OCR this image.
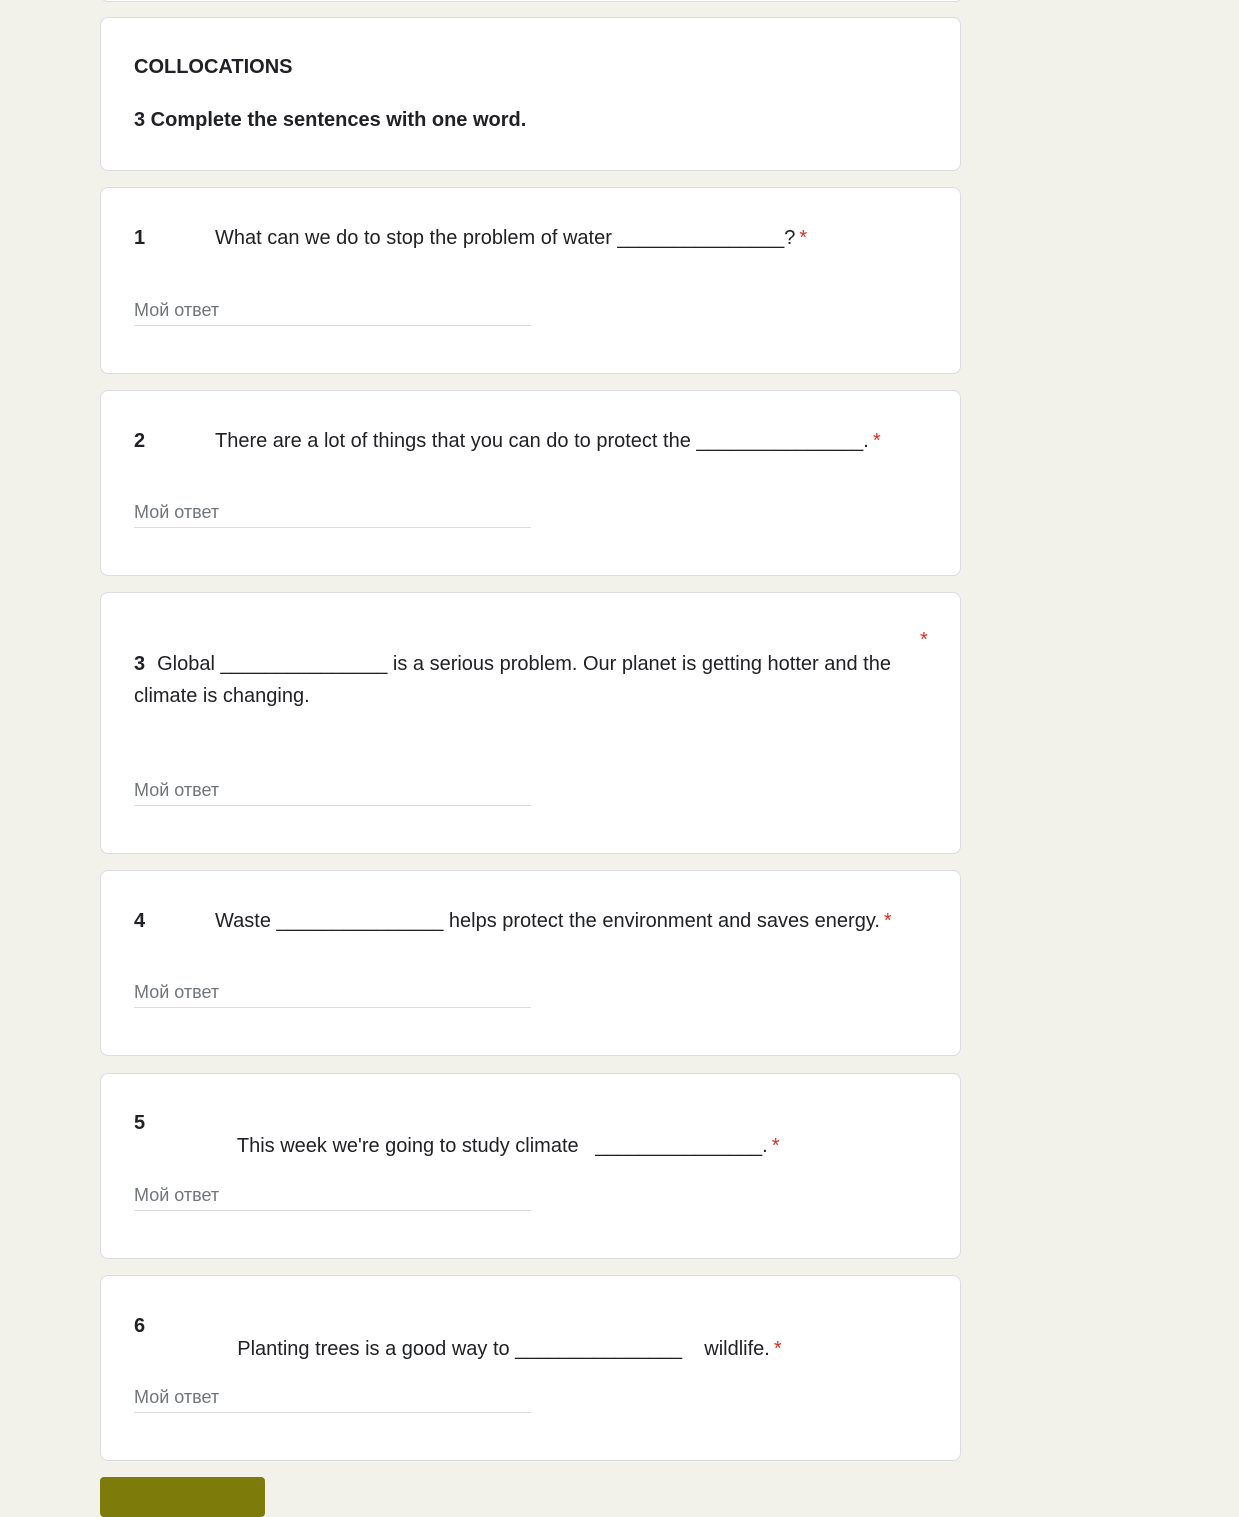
COLLOCATIONS
3 Complete the sentences with one word.
1	What can we do to stop the problem of water _______________? *
Мой ответ
2	There are a lot of things that you can do to protect the _______________. *
Мой ответ
3 Global _______________ is a serious problem. Our planet is getting hotter and the climate is changing.
*
Мой ответ
4	Waste _______________ helps protect the environment and saves energy. *
Мой ответ
5

This week we're going to study climate   _______________. *

Мой ответ
6

Planting trees is a good way to _______________    wildlife. *

Мой ответ
